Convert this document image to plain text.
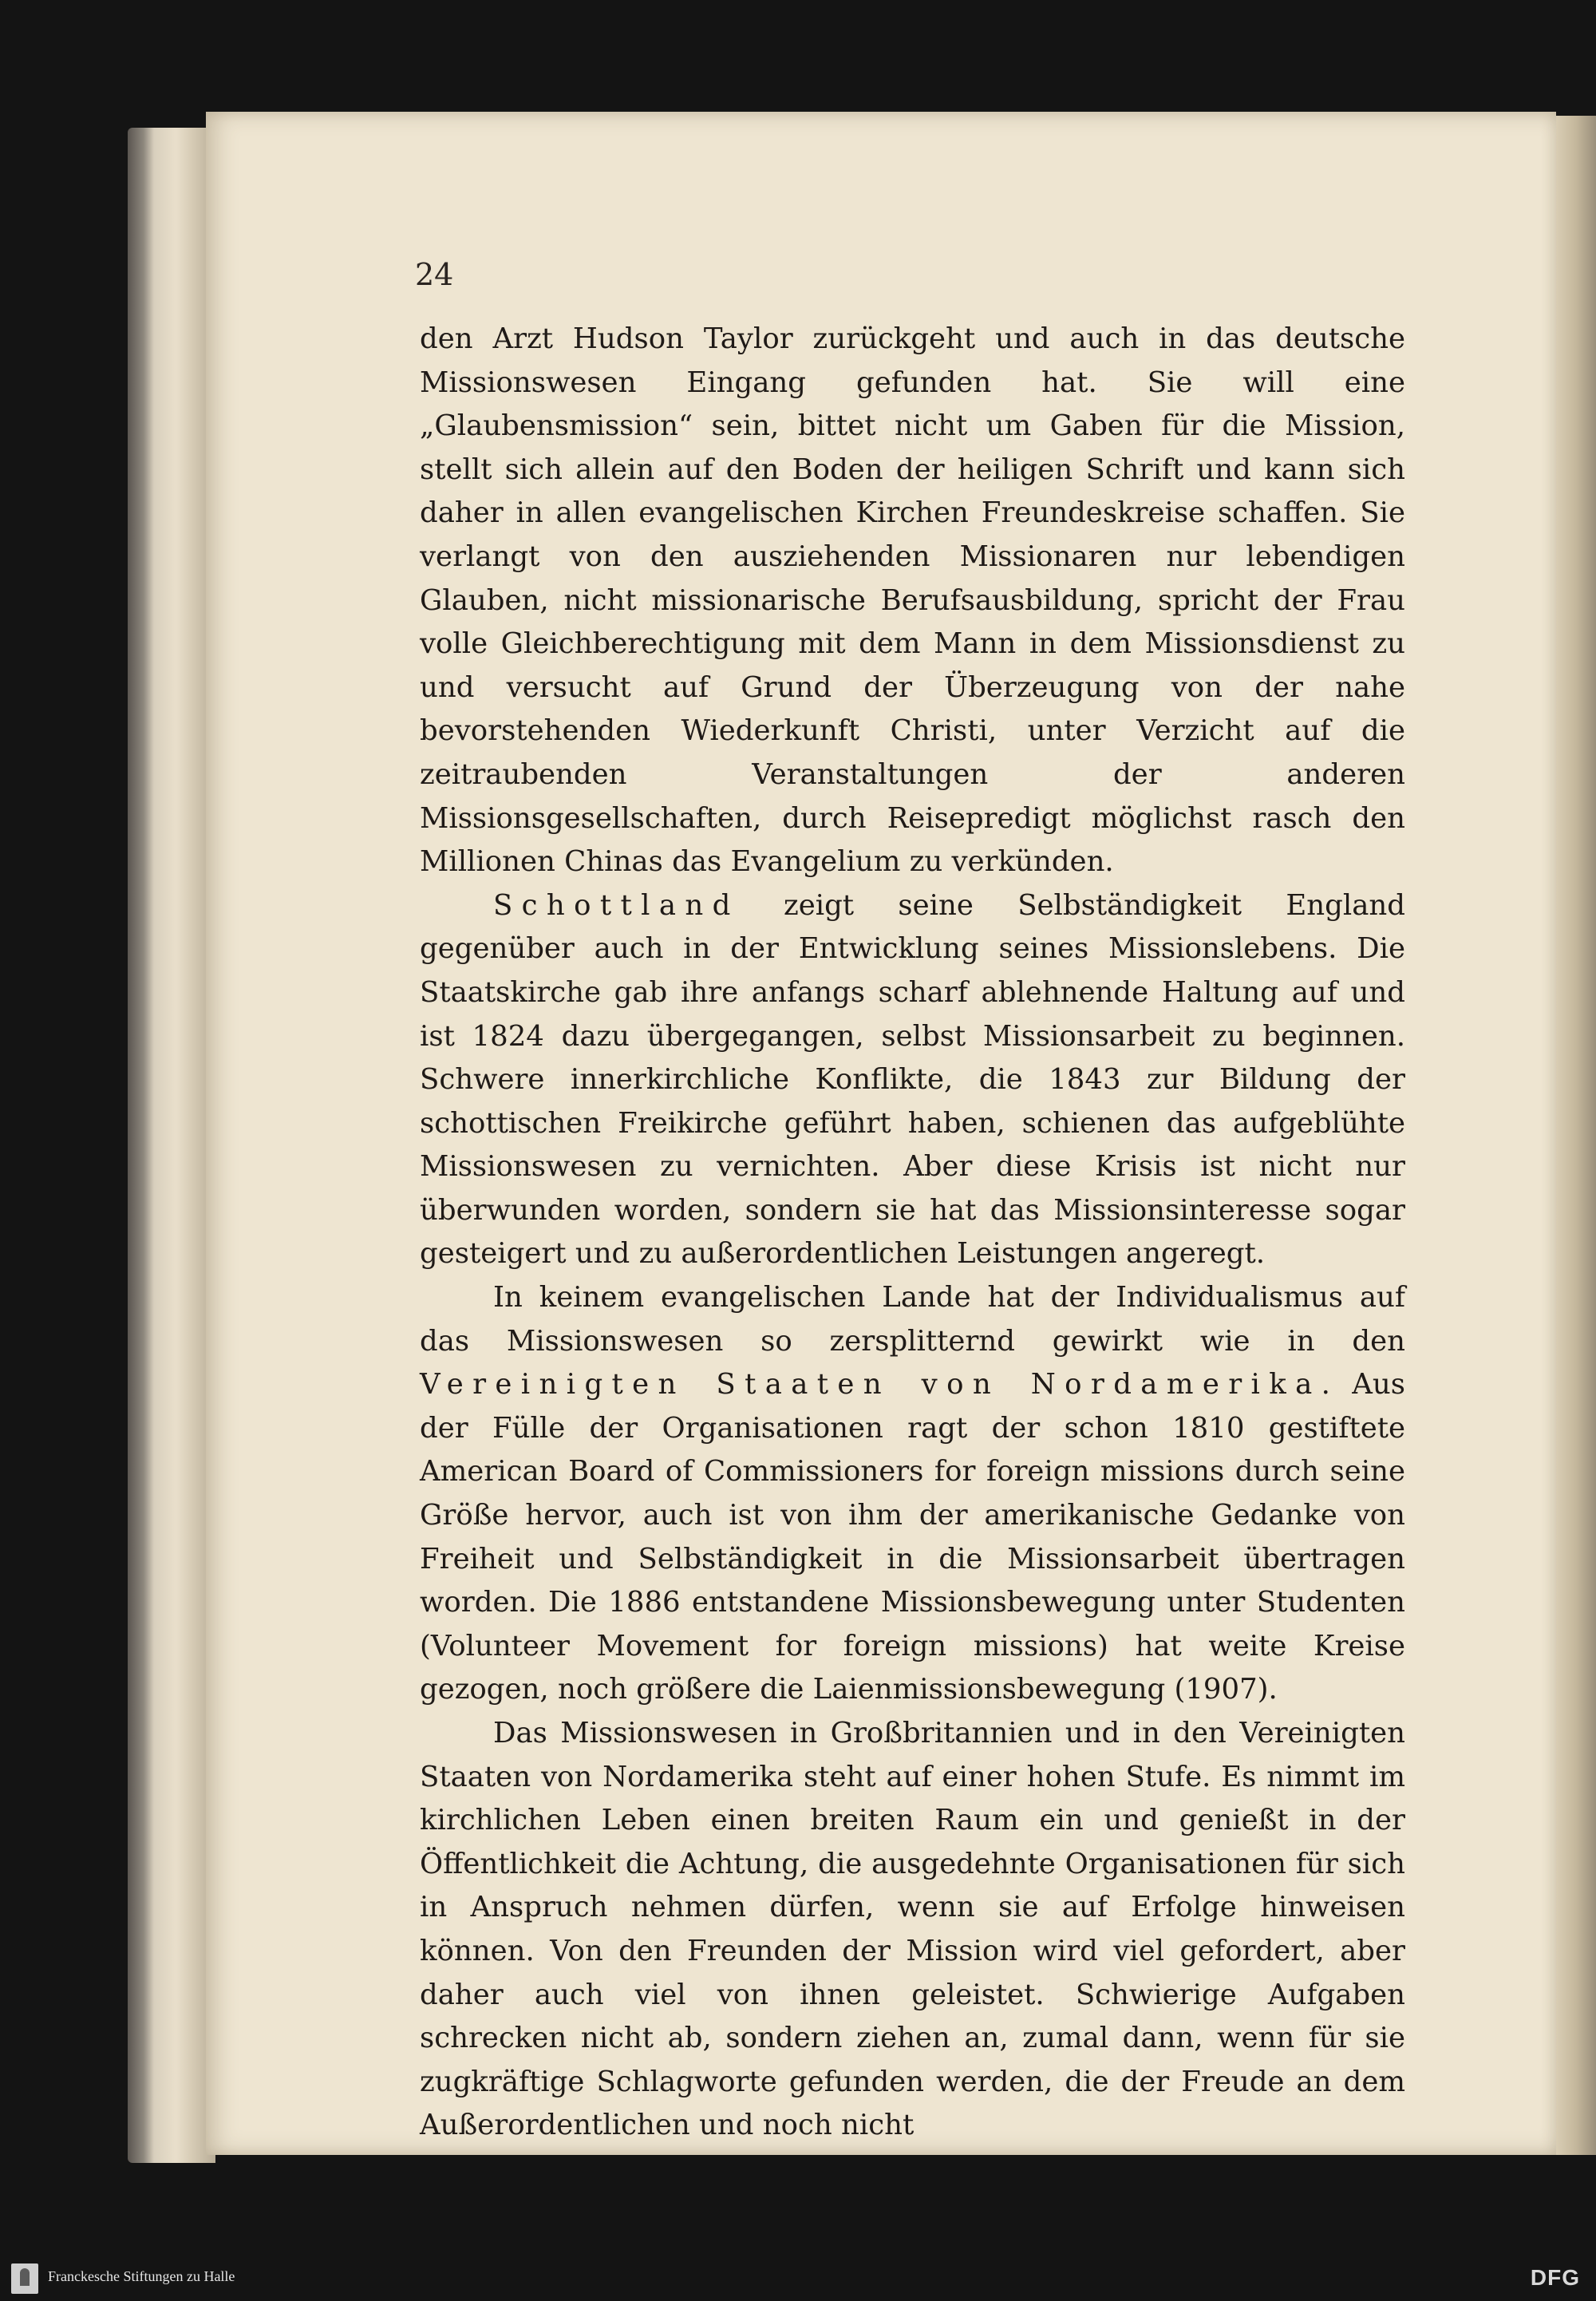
24

den Arzt Hudson Taylor zurückgeht und auch in das deutsche Missionswesen Eingang gefunden hat. Sie will eine „Glaubensmission“ sein, bittet nicht um Gaben für die Mission, stellt sich allein auf den Boden der heiligen Schrift und kann sich daher in allen evangelischen Kirchen Freundeskreise schaffen. Sie verlangt von den ausziehenden Missionaren nur lebendigen Glauben, nicht missionarische Berufsausbildung, spricht der Frau volle Gleichberechtigung mit dem Mann in dem Missionsdienst zu und versucht auf Grund der Überzeugung von der nahe bevorstehenden Wiederkunft Christi, unter Verzicht auf die zeitraubenden Veranstaltungen der anderen Missionsgesellschaften, durch Reisepredigt möglichst rasch den Millionen Chinas das Evangelium zu verkünden.

Schottland zeigt seine Selbständigkeit England gegenüber auch in der Entwicklung seines Missionslebens. Die Staatskirche gab ihre anfangs scharf ablehnende Haltung auf und ist 1824 dazu übergegangen, selbst Missionsarbeit zu beginnen. Schwere innerkirchliche Konflikte, die 1843 zur Bildung der schottischen Freikirche geführt haben, schienen das aufgeblühte Missionswesen zu vernichten. Aber diese Krisis ist nicht nur überwunden worden, sondern sie hat das Missionsinteresse sogar gesteigert und zu außerordentlichen Leistungen angeregt.

In keinem evangelischen Lande hat der Individualismus auf das Missionswesen so zersplitternd gewirkt wie in den Vereinigten Staaten von Nordamerika. Aus der Fülle der Organisationen ragt der schon 1810 gestiftete American Board of Commissioners for foreign missions durch seine Größe hervor, auch ist von ihm der amerikanische Gedanke von Freiheit und Selbständigkeit in die Missionsarbeit übertragen worden. Die 1886 entstandene Missionsbewegung unter Studenten (Volunteer Movement for foreign missions) hat weite Kreise gezogen, noch größere die Laienmissionsbewegung (1907).

Das Missionswesen in Großbritannien und in den Vereinigten Staaten von Nordamerika steht auf einer hohen Stufe. Es nimmt im kirchlichen Leben einen breiten Raum ein und genießt in der Öffentlichkeit die Achtung, die ausgedehnte Organisationen für sich in Anspruch nehmen dürfen, wenn sie auf Erfolge hinweisen können. Von den Freunden der Mission wird viel gefordert, aber daher auch viel von ihnen geleistet. Schwierige Aufgaben schrecken nicht ab, sondern ziehen an, zumal dann, wenn für sie zugkräftige Schlagworte gefunden werden, die der Freude an dem Außerordentlichen und noch nicht

Franckesche Stiftungen zu Halle	DFG
